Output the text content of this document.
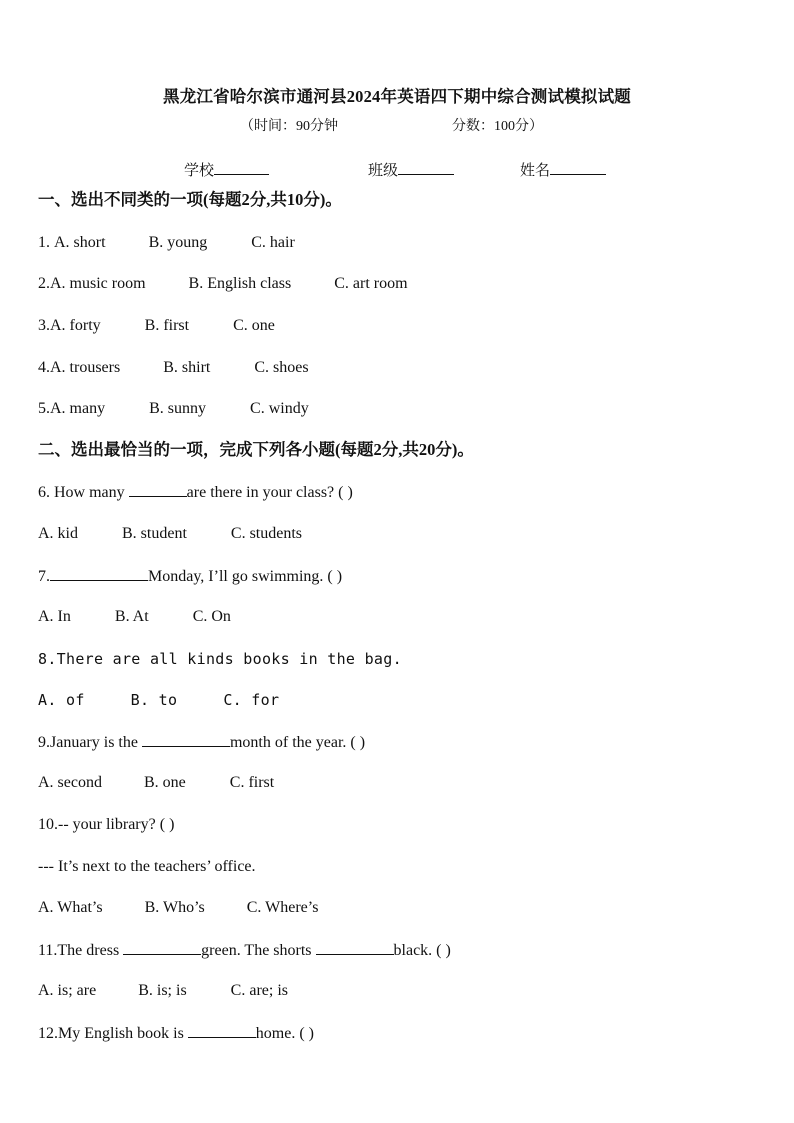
黑龙江省哈尔滨市通河县2024年英语四下期中综合测试模拟试题
（时间：90分钟	分数：100分）
学校	班级	姓名
一、选出不同类的一项(每题2分,共10分)。
1. A. short	B. young	C. hair
2.A. music room	B. English class	C. art room
3.A. forty	B. first	C. one
4.A. trousers	B. shirt	C. shoes
5.A. many	B. sunny	C. windy
二、选出最恰当的一项，完成下列各小题(每题2分,共20分)。
6. How many	are there in your class? ( )
A. kid	B. student	C. students
7.	Monday, I’ll go swimming. ( )
A. In	B. At	C. On
8.There are all kinds books in the bag.
A. of	B. to	C. for
9.January is the	month of the year. ( )
A. second	B. one	C. first
10.-- your library? ( )
--- It’s next to the teachers’ office.
A. What’s	B. Who’s	C. Where’s
11.The dress	green. The shorts	black. ( )
A. is; are	B. is; is	C. are; is
12.My English book is	home. ( )
